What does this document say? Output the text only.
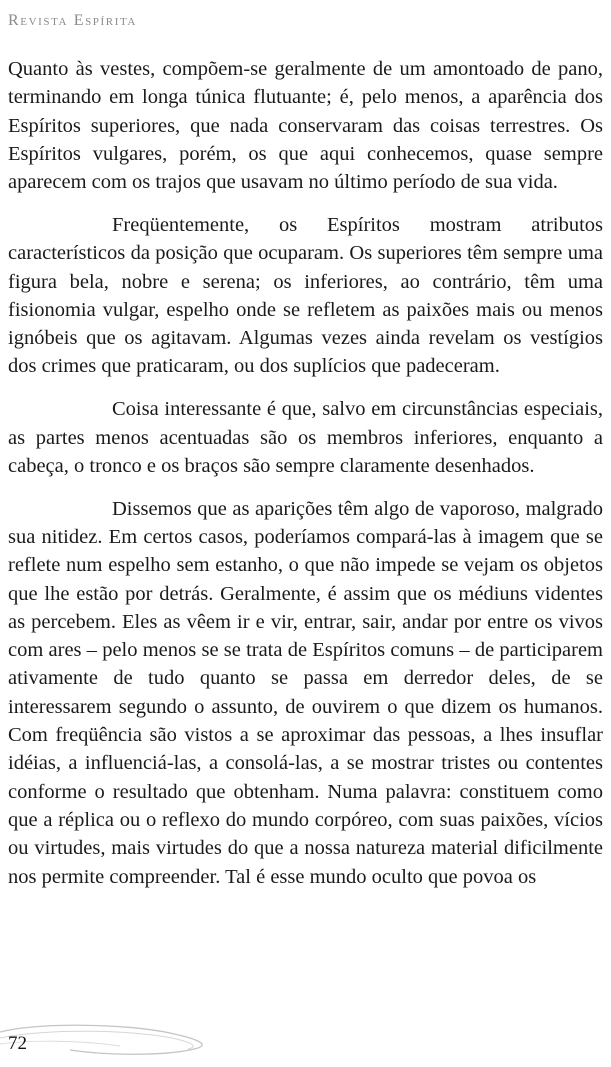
Revista Espírita

Quanto às vestes, compõem-se geralmente de um amontoado de pano, terminando em longa túnica flutuante; é, pelo menos, a aparência dos Espíritos superiores, que nada conservaram das coisas terrestres. Os Espíritos vulgares, porém, os que aqui conhecemos, quase sempre aparecem com os trajos que usavam no último período de sua vida.

Freqüentemente, os Espíritos mostram atributos característicos da posição que ocuparam. Os superiores têm sempre uma figura bela, nobre e serena; os inferiores, ao contrário, têm uma fisionomia vulgar, espelho onde se refletem as paixões mais ou menos ignóbeis que os agitavam. Algumas vezes ainda revelam os vestígios dos crimes que praticaram, ou dos suplícios que padeceram.

Coisa interessante é que, salvo em circunstâncias especiais, as partes menos acentuadas são os membros inferiores, enquanto a cabeça, o tronco e os braços são sempre claramente desenhados.

Dissemos que as aparições têm algo de vaporoso, malgrado sua nitidez. Em certos casos, poderíamos compará-las à imagem que se reflete num espelho sem estanho, o que não impede se vejam os objetos que lhe estão por detrás. Geralmente, é assim que os médiuns videntes as percebem. Eles as vêem ir e vir, entrar, sair, andar por entre os vivos com ares – pelo menos se se trata de Espíritos comuns – de participarem ativamente de tudo quanto se passa em derredor deles, de se interessarem segundo o assunto, de ouvirem o que dizem os humanos. Com freqüência são vistos a se aproximar das pessoas, a lhes insuflar idéias, a influenciá-las, a consolá-las, a se mostrar tristes ou contentes conforme o resultado que obtenham. Numa palavra: constituem como que a réplica ou o reflexo do mundo corpóreo, com suas paixões, vícios ou virtudes, mais virtudes do que a nossa natureza material dificilmente nos permite compreender. Tal é esse mundo oculto que povoa os

72
